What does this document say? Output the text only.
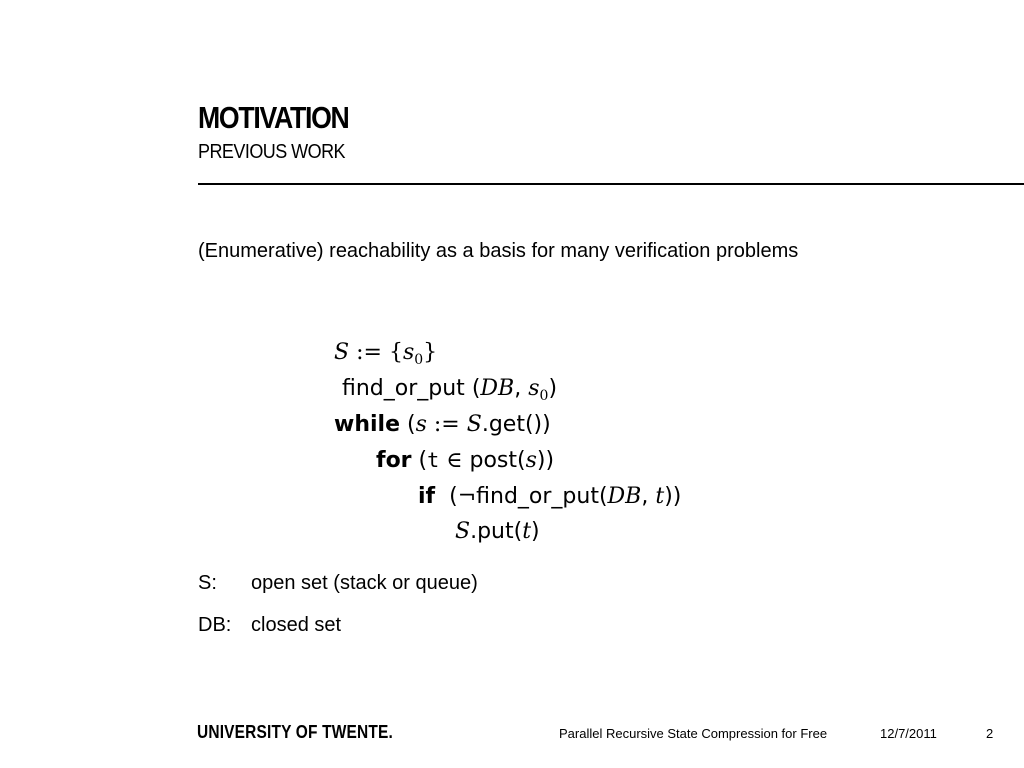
MOTIVATION
PREVIOUS WORK
(Enumerative) reachability as a basis for many verification problems
S := $\{s_0\}$
find_or_put (DB, $s_0$)
while (s := S.get())
for (t ∈ post(s))
if (¬find_or_put(DB, t))
S.put(t)
S: open set (stack or queue)
DB: closed set
UNIVERSITY OF TWENTE.	Parallel Recursive State Compression for Free	12/7/2011	2
